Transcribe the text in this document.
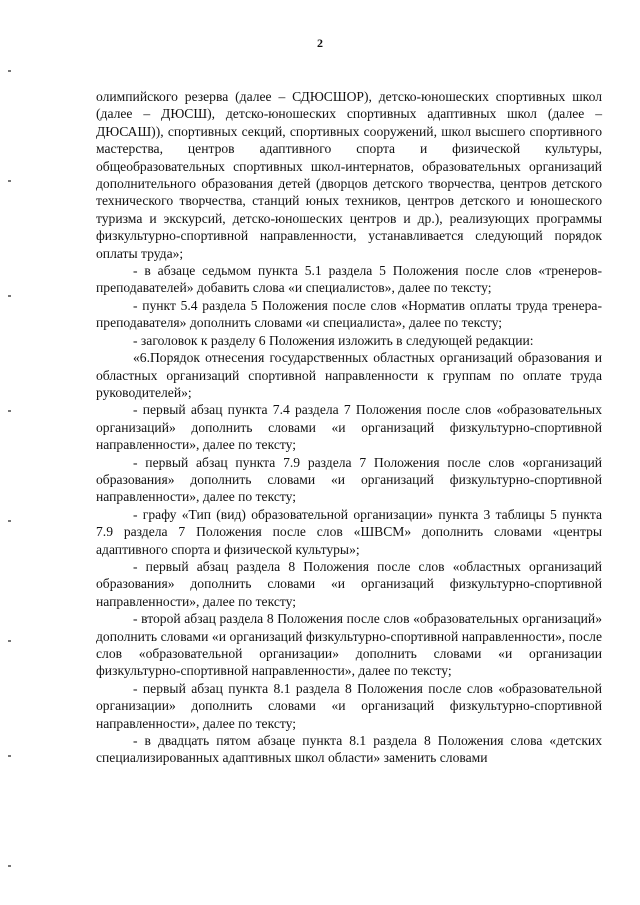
2

олимпийского резерва (далее – СДЮСШОР), детско-юношеских спортивных школ (далее – ДЮСШ), детско-юношеских спортивных адаптивных школ (далее – ДЮСАШ)), спортивных секций, спортивных сооружений, школ высшего спортивного мастерства, центров адаптивного спорта и физической культуры, общеобразовательных спортивных школ-интернатов, образовательных организаций дополнительного образования детей (дворцов детского творчества, центров детского технического творчества, станций юных техников, центров детского и юношеского туризма и экскурсий, детско-юношеских центров и др.), реализующих программы физкультурно-спортивной направленности, устанавливается следующий порядок оплаты труда»;

- в абзаце седьмом пункта 5.1 раздела 5 Положения после слов «тренеров-преподавателей» добавить слова «и специалистов», далее по тексту;

- пункт 5.4 раздела 5 Положения после слов «Норматив оплаты труда тренера-преподавателя» дополнить словами «и специалиста», далее по тексту;

- заголовок к разделу 6 Положения изложить в следующей редакции:

«6.Порядок отнесения государственных областных организаций образования и областных организаций спортивной направленности к группам по оплате труда руководителей»;

- первый абзац пункта 7.4 раздела 7 Положения после слов «образовательных организаций» дополнить словами «и организаций физкультурно-спортивной направленности», далее по тексту;

- первый абзац пункта 7.9 раздела 7 Положения после слов «организаций образования» дополнить словами «и организаций физкультурно-спортивной направленности», далее по тексту;

- графу «Тип (вид) образовательной организации» пункта 3 таблицы 5 пункта 7.9 раздела 7 Положения после слов «ШВСМ» дополнить словами «центры адаптивного спорта и физической культуры»;

- первый абзац раздела 8 Положения после слов «областных организаций образования» дополнить словами «и организаций физкультурно-спортивной направленности», далее по тексту;

- второй абзац раздела 8 Положения после слов «образовательных организаций» дополнить словами «и организаций физкультурно-спортивной направленности», после слов «образовательной организации» дополнить словами «и организации физкультурно-спортивной направленности», далее по тексту;

- первый абзац пункта 8.1 раздела 8 Положения после слов «образовательной организации» дополнить словами «и организаций физкультурно-спортивной направленности», далее по тексту;

- в двадцать пятом абзаце пункта 8.1 раздела 8 Положения слова «детских специализированных адаптивных школ области» заменить словами
